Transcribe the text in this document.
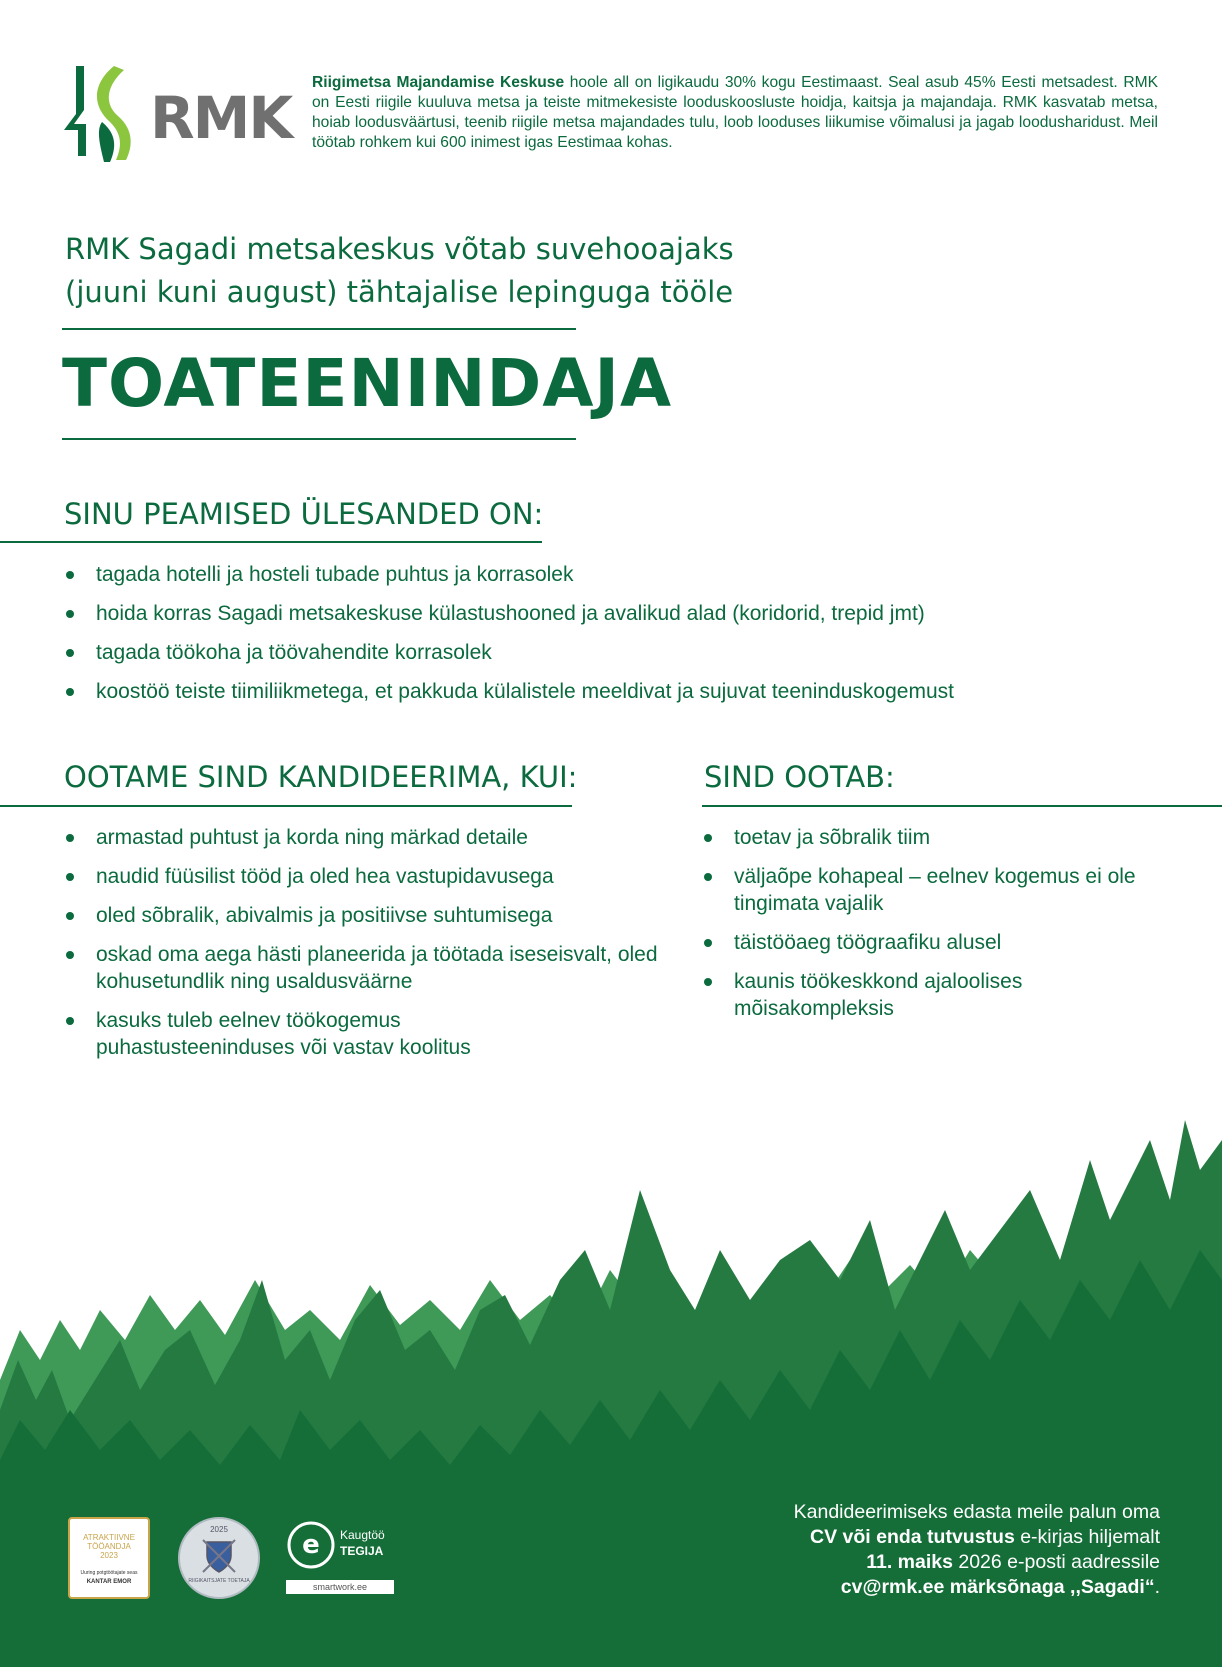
RMK
Riigimetsa Majandamise Keskuse hoole all on ligikaudu 30% kogu Eestimaast. Seal asub 45% Eesti metsadest. RMK on Eesti riigile kuuluva metsa ja teiste mitmekesiste looduskoosluste hoidja, kaitsja ja majandaja. RMK kasvatab metsa, hoiab loodusväärtusi, teenib riigile metsa majandades tulu, loob looduses liikumise võimalusi ja jagab loodusharidust. Meil töötab rohkem kui 600 inimest igas Eestimaa kohas.
RMK Sagadi metsakeskus võtab suvehooajaks
(juuni kuni august) tähtajalise lepinguga tööle
TOATEENINDAJA
SINU PEAMISED ÜLESANDED ON:
tagada hotelli ja hosteli tubade puhtus ja korrasolek
hoida korras Sagadi metsakeskuse külastushooned ja avalikud alad (koridorid, trepid jmt)
tagada töökoha ja töövahendite korrasolek
koostöö teiste tiimiliikmetega, et pakkuda külalistele meeldivat ja sujuvat teeninduskogemust
OOTAME SIND KANDIDEERIMA, KUI:
armastad puhtust ja korda ning märkad detaile
naudid füüsilist tööd ja oled hea vastupidavusega
oled sõbralik, abivalmis ja positiivse suhtumisega
oskad oma aega hästi planeerida ja töötada iseseisvalt, oled kohusetundlik ning usaldusväärne
kasuks tuleb eelnev töökogemus puhastusteeninduses või vastav koolitus
SIND OOTAB:
toetav ja sõbralik tiim
väljaõpe kohapeal – eelnev kogemus ei ole tingimata vajalik
täistööaeg töögraafiku alusel
kaunis töökeskkond ajaloolises mõisakompleksis
ATRAKTIIVNE
TÖÖANDJA
2023
Uuring potgtöötajate seas
KANTAR EMOR
2025
RIIGIKAITSJATE TOETAJA
e Kaugtöö
TEGIJA
smartwork.ee
Kandideerimiseks edasta meile palun oma
CV või enda tutvustus e-kirjas hiljemalt
11. maiks 2026 e-posti aadressile
cv@rmk.ee märksõnaga ,,Sagadi“.
